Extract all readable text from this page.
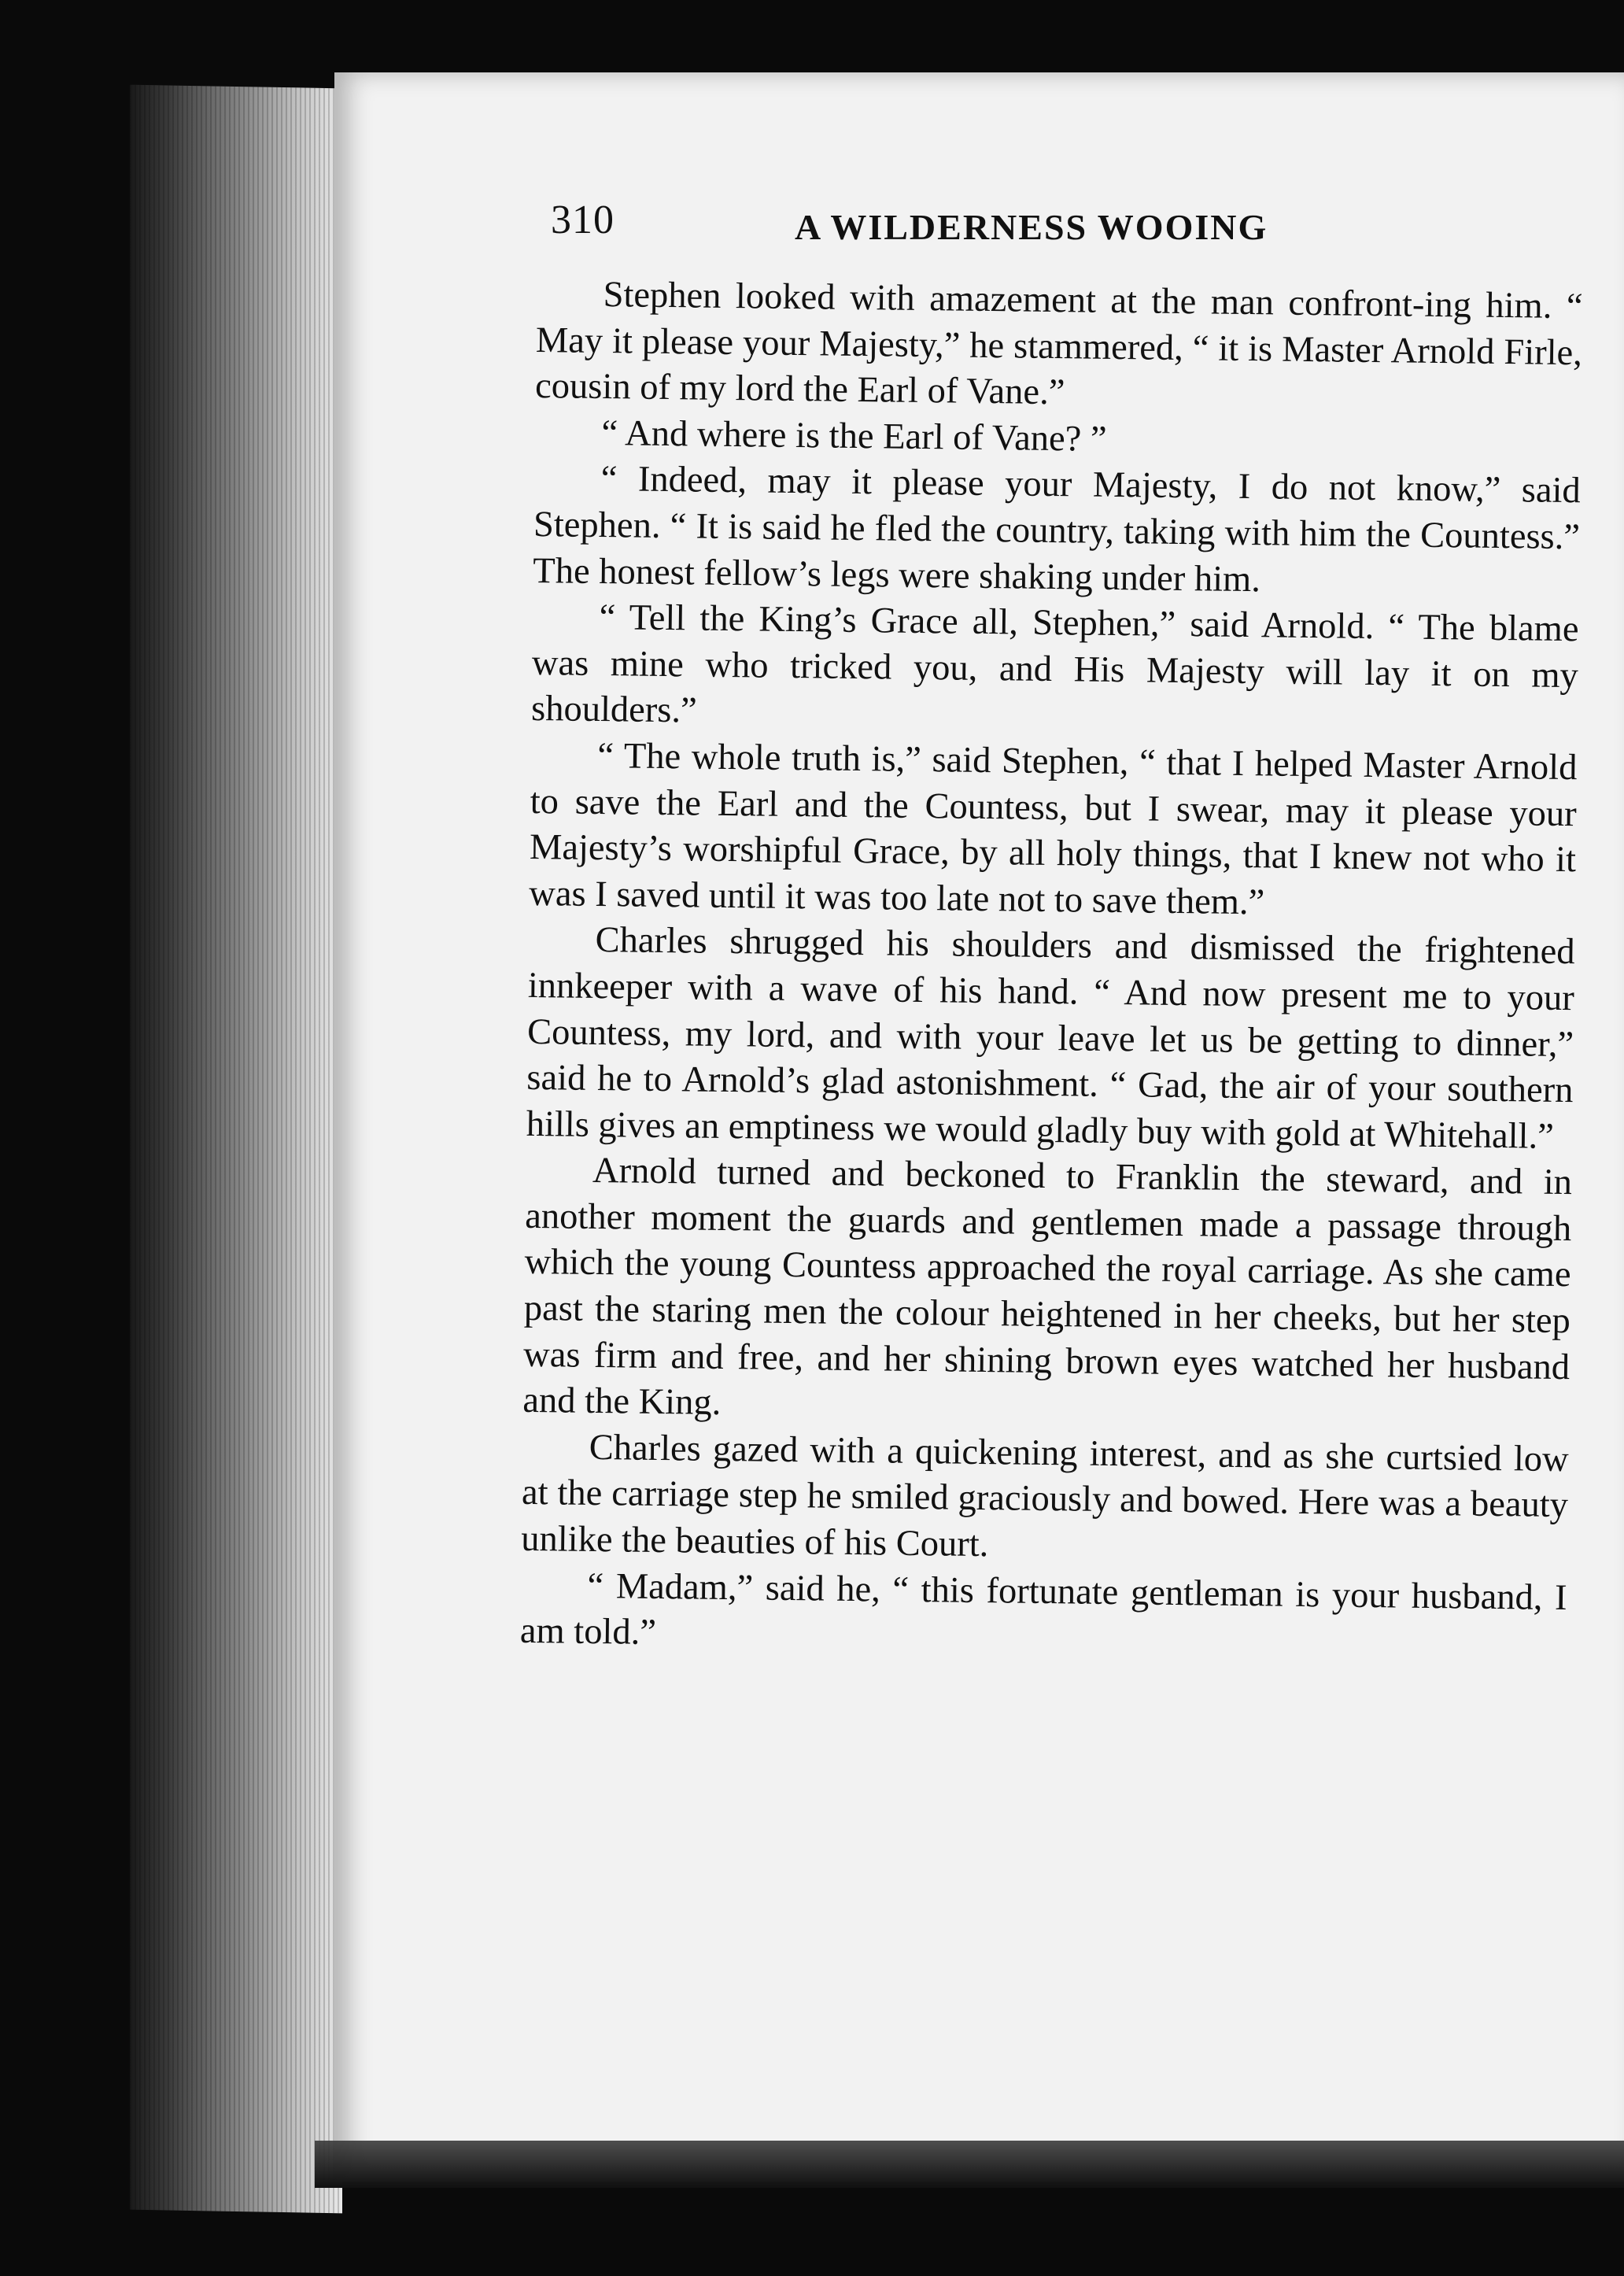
310	A WILDERNESS WOOING

Stephen looked with amazement at the man confront-ing him. “ May it please your Majesty,” he stammered, “ it is Master Arnold Firle, cousin of my lord the Earl of Vane.”

“ And where is the Earl of Vane? ”

“ Indeed, may it please your Majesty, I do not know,” said Stephen. “ It is said he fled the country, taking with him the Countess.” The honest fellow’s legs were shaking under him.

“ Tell the King’s Grace all, Stephen,” said Arnold. “ The blame was mine who tricked you, and His Majesty will lay it on my shoulders.”

“ The whole truth is,” said Stephen, “ that I helped Master Arnold to save the Earl and the Countess, but I swear, may it please your Majesty’s worshipful Grace, by all holy things, that I knew not who it was I saved until it was too late not to save them.”

Charles shrugged his shoulders and dismissed the frightened innkeeper with a wave of his hand. “ And now present me to your Countess, my lord, and with your leave let us be getting to dinner,” said he to Arnold’s glad astonishment. “ Gad, the air of your southern hills gives an emptiness we would gladly buy with gold at Whitehall.”

Arnold turned and beckoned to Franklin the steward, and in another moment the guards and gentlemen made a passage through which the young Countess approached the royal carriage. As she came past the staring men the colour heightened in her cheeks, but her step was firm and free, and her shining brown eyes watched her husband and the King.

Charles gazed with a quickening interest, and as she curtsied low at the carriage step he smiled graciously and bowed. Here was a beauty unlike the beauties of his Court.

“ Madam,” said he, “ this fortunate gentleman is your husband, I am told.”
